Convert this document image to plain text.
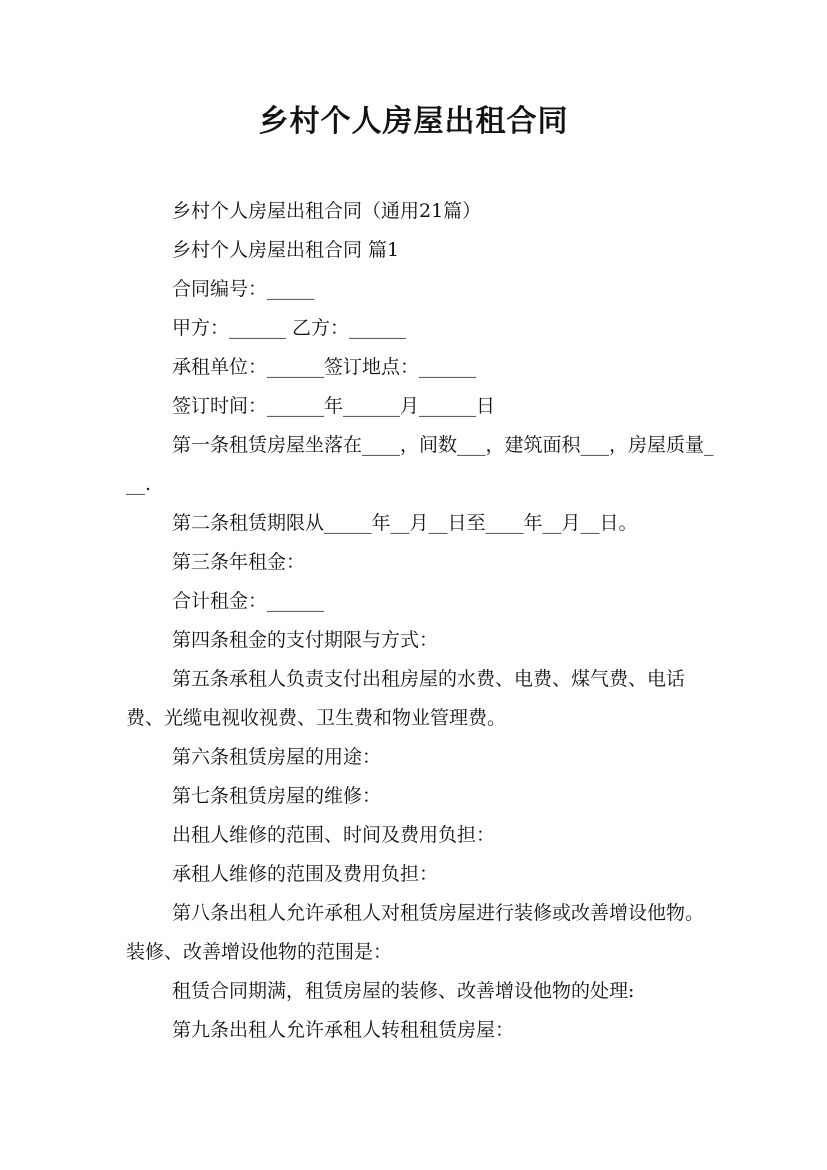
乡村个人房屋出租合同

乡村个人房屋出租合同（通用21篇）

乡村个人房屋出租合同 篇1

合同编号：_____

甲方：______ 乙方：______

承租单位：______签订地点：______

签订时间：______年______月______日

第一条租赁房屋坐落在____，间数___，建筑面积___，房屋质量___.

第二条租赁期限从_____年__月__日至____年__月__日。

第三条年租金：

合计租金：______

第四条租金的支付期限与方式：

第五条承租人负责支付出租房屋的水费、电费、煤气费、电话费、光缆电视收视费、卫生费和物业管理费。

第六条租赁房屋的用途：

第七条租赁房屋的维修：

出租人维修的范围、时间及费用负担：

承租人维修的范围及费用负担：

第八条出租人允许承租人对租赁房屋进行装修或改善增设他物。装修、改善增设他物的范围是：

租赁合同期满，租赁房屋的装修、改善增设他物的处理:

第九条出租人允许承租人转租租赁房屋：
